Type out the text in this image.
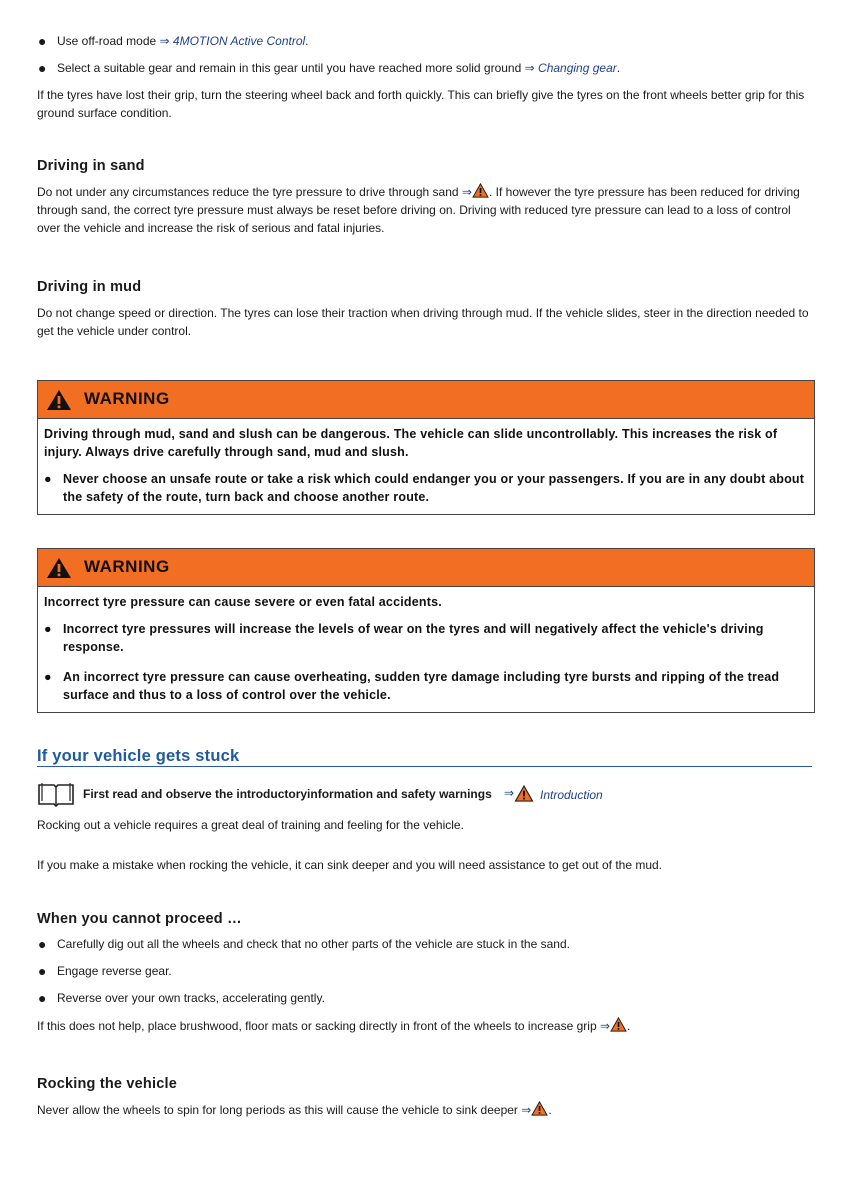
● Use off-road mode ⇒ 4MOTION Active Control.
● Select a suitable gear and remain in this gear until you have reached more solid ground ⇒ Changing gear.
If the tyres have lost their grip, turn the steering wheel back and forth quickly. This can briefly give the tyres on the front wheels better grip for this ground surface condition.
Driving in sand
Do not under any circumstances reduce the tyre pressure to drive through sand ⇒ . If however the tyre pressure has been reduced for driving through sand, the correct tyre pressure must always be reset before driving on. Driving with reduced tyre pressure can lead to a loss of control over the vehicle and increase the risk of serious and fatal injuries.
Driving in mud
Do not change speed or direction. The tyres can lose their traction when driving through mud. If the vehicle slides, steer in the direction needed to get the vehicle under control.
WARNING
Driving through mud, sand and slush can be dangerous. The vehicle can slide uncontrollably. This increases the risk of injury. Always drive carefully through sand, mud and slush.
● Never choose an unsafe route or take a risk which could endanger you or your passengers. If you are in any doubt about the safety of the route, turn back and choose another route.
WARNING
Incorrect tyre pressure can cause severe or even fatal accidents.
● Incorrect tyre pressures will increase the levels of wear on the tyres and will negatively affect the vehicle's driving response.
● An incorrect tyre pressure can cause overheating, sudden tyre damage including tyre bursts and ripping of the tread surface and thus to a loss of control over the vehicle.
If your vehicle gets stuck
First read and observe the introductoryinformation and safety warnings ⇒ Introduction
Rocking out a vehicle requires a great deal of training and feeling for the vehicle.
If you make a mistake when rocking the vehicle, it can sink deeper and you will need assistance to get out of the mud.
When you cannot proceed …
● Carefully dig out all the wheels and check that no other parts of the vehicle are stuck in the sand.
● Engage reverse gear.
● Reverse over your own tracks, accelerating gently.
If this does not help, place brushwood, floor mats or sacking directly in front of the wheels to increase grip ⇒ .
Rocking the vehicle
Never allow the wheels to spin for long periods as this will cause the vehicle to sink deeper ⇒ .
